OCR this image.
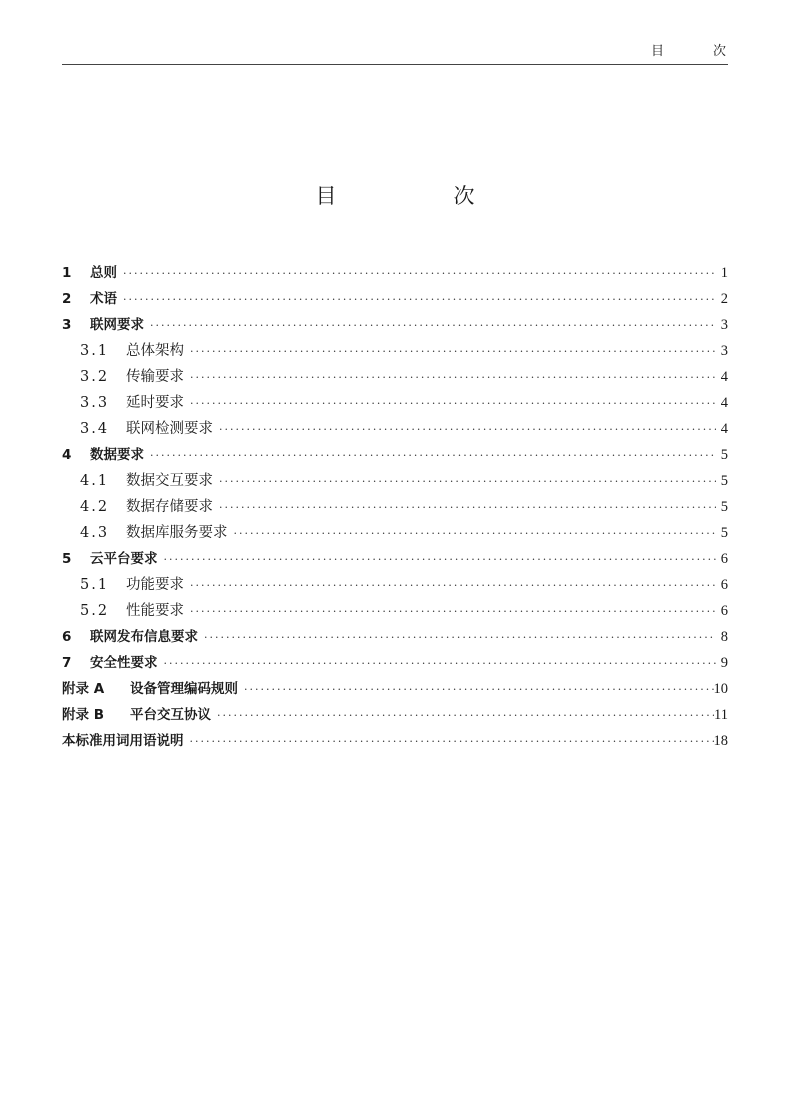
目　次
目　次
1	总则 ·····	1
2	术语 ·····	2
3	联网要求 ·····	3
3.1	总体架构 ·····	3
3.2	传输要求 ·····	4
3.3	延时要求 ·····	4
3.4	联网检测要求 ·····	4
4	数据要求 ·····	5
4.1	数据交互要求 ·····	5
4.2	数据存储要求 ·····	5
4.3	数据库服务要求 ·····	5
5	云平台要求 ·····	6
5.1	功能要求 ·····	6
5.2	性能要求 ·····	6
6	联网发布信息要求 ·····	8
7	安全性要求 ·····	9
附录 A	设备管理编码规则 ·····	10
附录 B	平台交互协议 ·····	11
本标准用词用语说明 ·····	18
